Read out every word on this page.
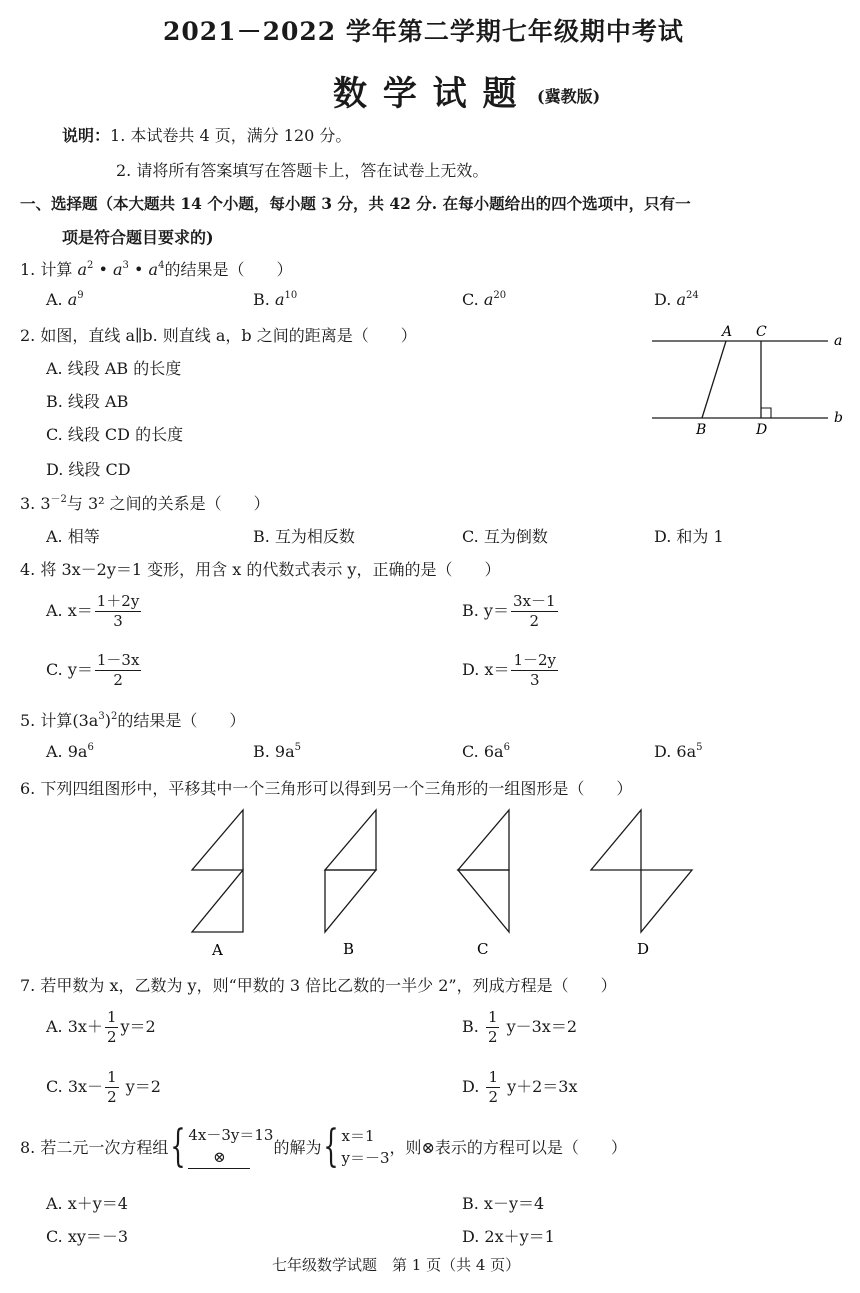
2021－2022 学年第二学期七年级期中考试
数 学 试 题 (冀教版)
说明：1. 本试卷共 4 页，满分 120 分。
2. 请将所有答案填写在答题卡上，答在试卷上无效。
一、选择题（本大题共 14 个小题，每小题 3 分，共 42 分. 在每小题给出的四个选项中，只有一
项是符合题目要求的)
1. 计算 $a^2$ • $a^3$ • $a^4$的结果是（　　）
A. $a^9$	B. $a^{10}$	C. $a^{20}$	D. $a^{24}$
2. 如图，直线 a∥b. 则直线 a，b 之间的距离是（　　）
A. 线段 AB 的长度
B. 线段 AB
C. 线段 CD 的长度
D. 线段 CD
A C
B	D
a
b
3. $3^{-2}$与 3² 之间的关系是（　　）
A. 相等	B. 互为相反数	C. 互为倒数	D. 和为 1
4. 将 3x－2y＝1 变形，用含 x 的代数式表示 y，正确的是（　　）
A. $x= \frac{1+2y}{3}$	B. $y= \frac{3x-1}{2}$
C. $y= \frac{1-3x}{2}$	D. $x= \frac{1-2y}{3}$
5. 计算$(3a^3)^2$的结果是（　　）
A. $9a^6$	B. $9a^5$	C. $6a^6$	D. $6a^5$
6. 下列四组图形中，平移其中一个三角形可以得到另一个三角形的一组图形是（　　）
A	B	C	D
7. 若甲数为 x，乙数为 y，则“甲数的 3 倍比乙数的一半少 2”，列成方程是（　　）
A. $3x+ \frac{1}{2} y=2$	B. $\frac{1}{2} y-3x=2$
C. $3x- \frac{1}{2} y=2$	D. $\frac{1}{2} y+2=3x$
8. 若二元一次方程组{ 4x－3y＝13
⊗	的解为{ x＝1
y＝－3
，则⊗表示的方程可以是（　　）
A. x＋y＝4	B. x－y＝4
C. xy＝－3	D. 2x＋y＝1
七年级数学试题　第 1 页（共 4 页）
